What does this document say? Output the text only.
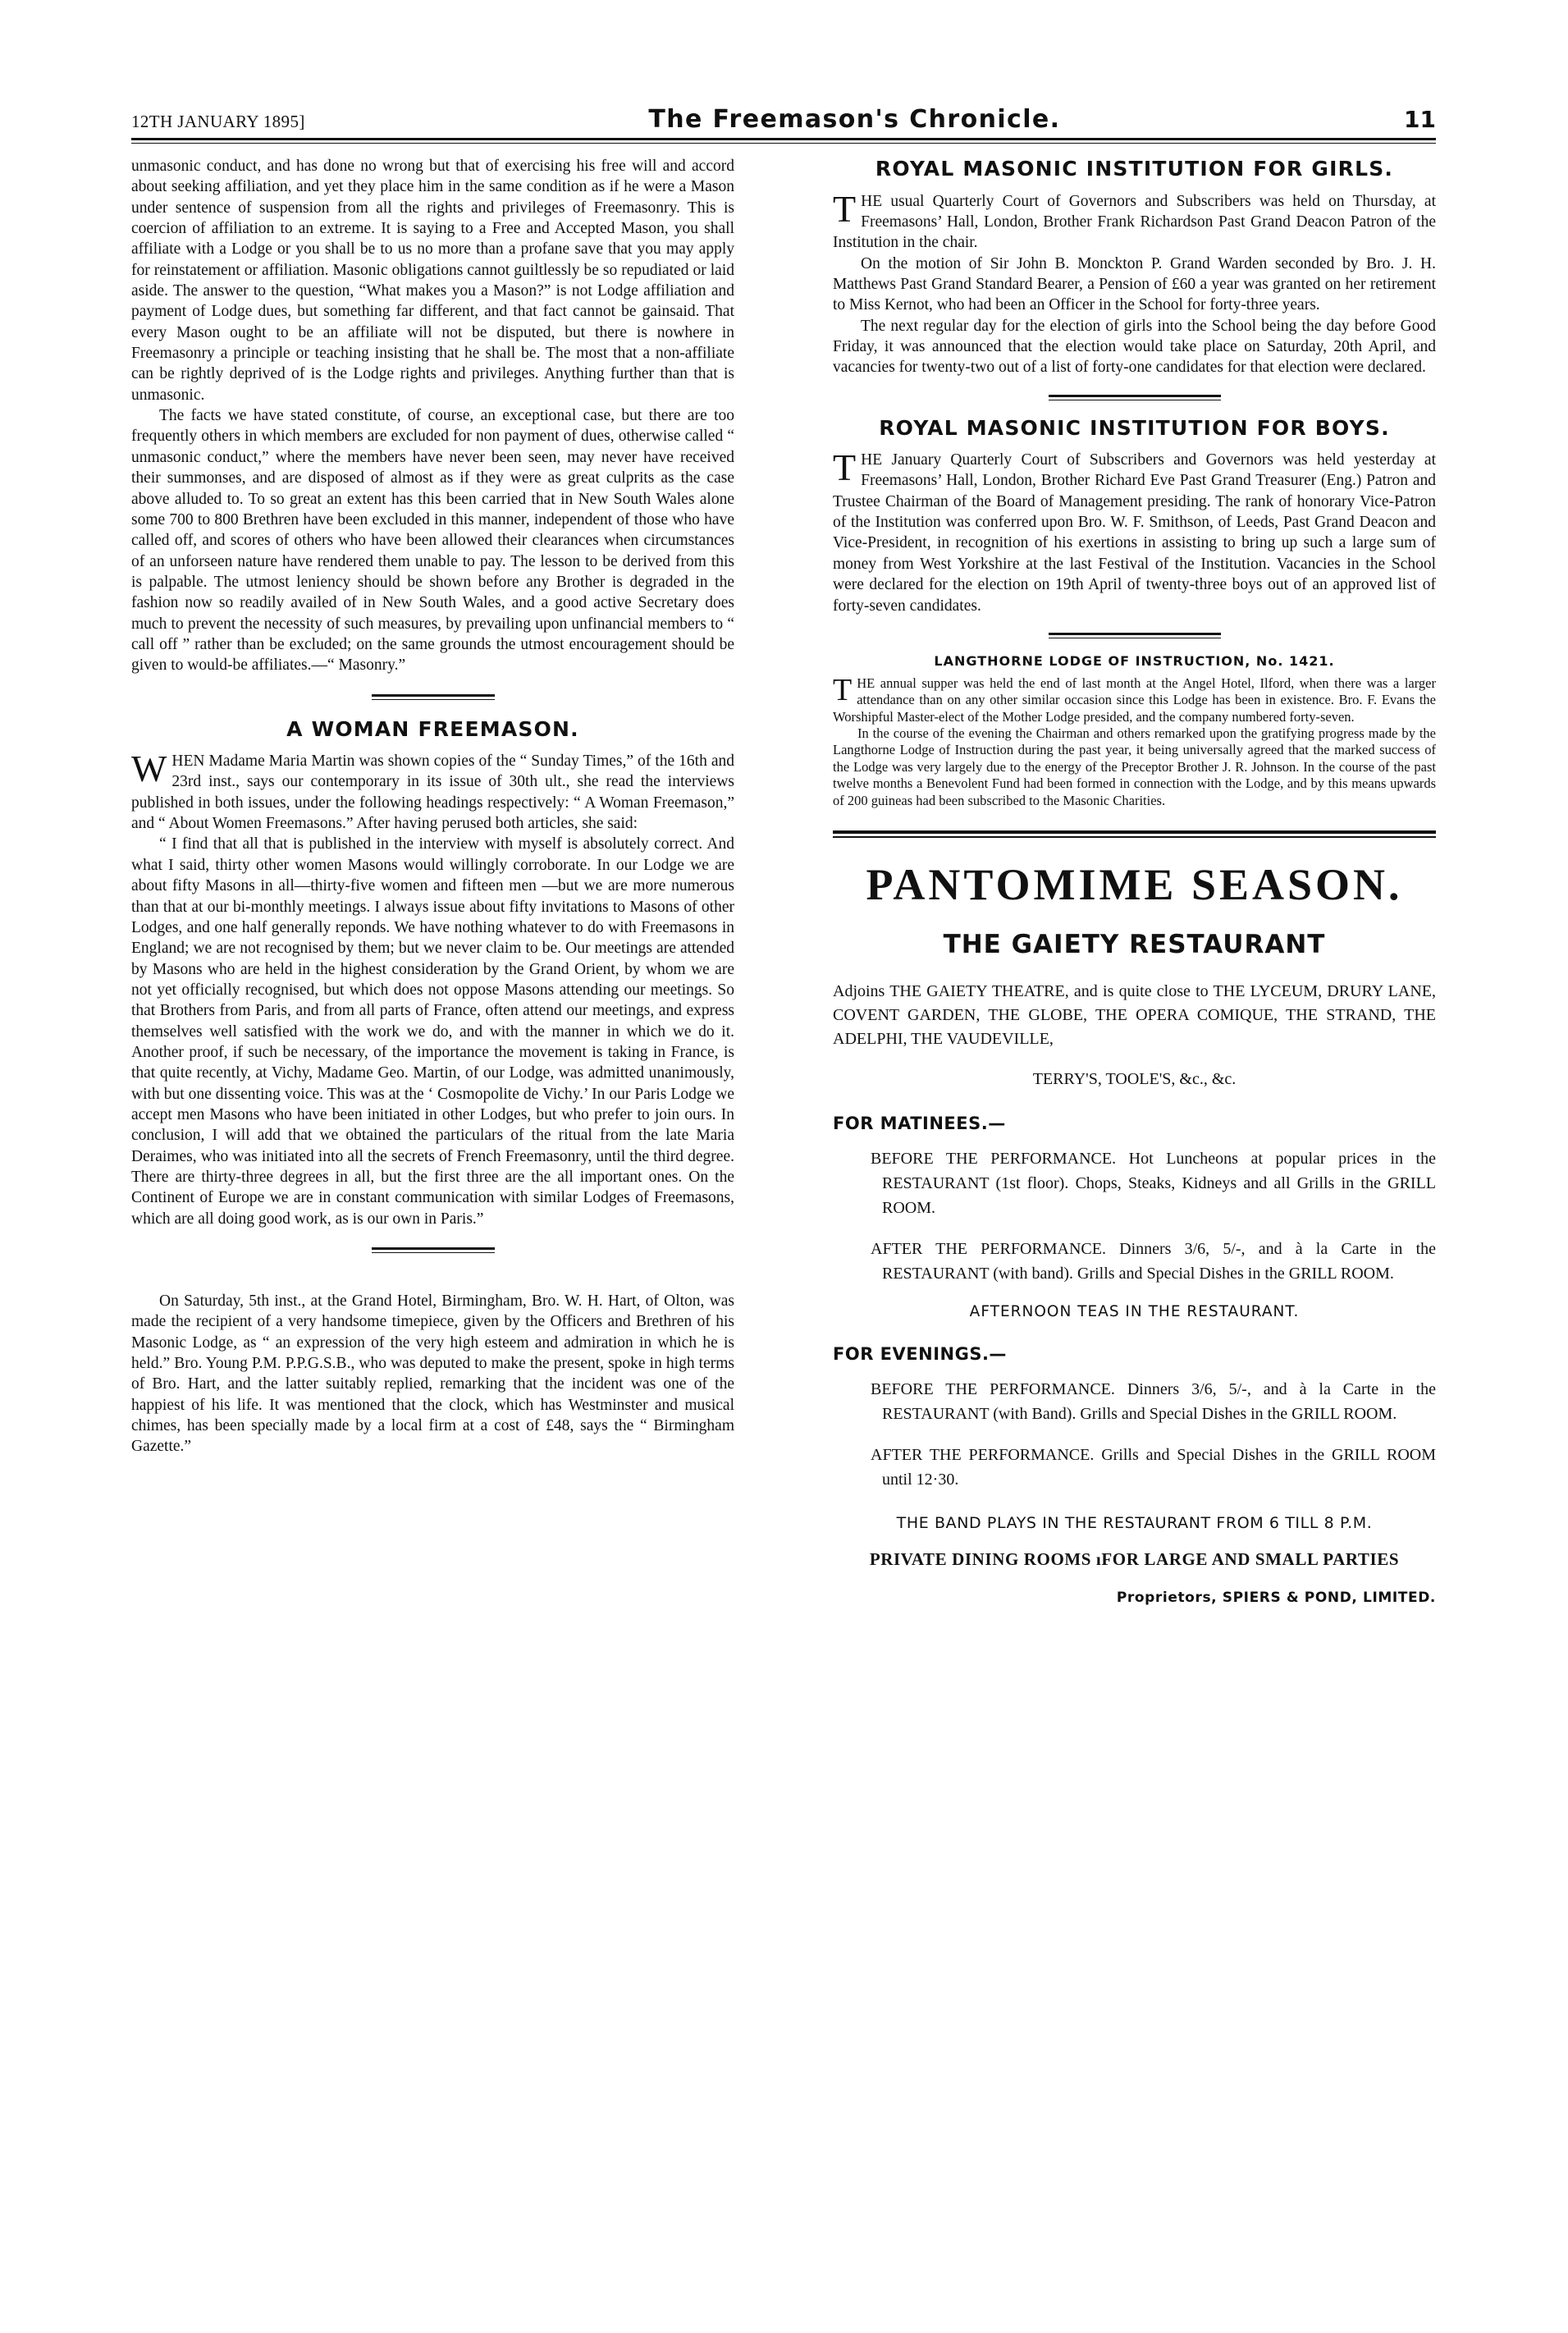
12TH JANUARY 1895]	The Freemason's Chronicle.	11

unmasonic conduct, and has done no wrong but that of exercising his free will and accord about seeking affiliation, and yet they place him in the same condition as if he were a Mason under sentence of suspension from all the rights and privileges of Freemasonry. This is coercion of affiliation to an extreme. It is saying to a Free and Accepted Mason, you shall affiliate with a Lodge or you shall be to us no more than a profane save that you may apply for reinstatement or affiliation. Masonic obligations cannot guiltlessly be so repudiated or laid aside. The answer to the question, “What makes you a Mason?” is not Lodge affiliation and payment of Lodge dues, but something far different, and that fact cannot be gainsaid. That every Mason ought to be an affiliate will not be disputed, but there is nowhere in Freemasonry a principle or teaching insisting that he shall be. The most that a non-affiliate can be rightly deprived of is the Lodge rights and privileges. Anything further than that is unmasonic.

The facts we have stated constitute, of course, an exceptional case, but there are too frequently others in which members are excluded for non payment of dues, otherwise called “ unmasonic conduct,” where the members have never been seen, may never have received their summonses, and are disposed of almost as if they were as great culprits as the case above alluded to. To so great an extent has this been carried that in New South Wales alone some 700 to 800 Brethren have been excluded in this manner, independent of those who have called off, and scores of others who have been allowed their clearances when circumstances of an unforseen nature have rendered them unable to pay. The lesson to be derived from this is palpable. The utmost leniency should be shown before any Brother is degraded in the fashion now so readily availed of in New South Wales, and a good active Secretary does much to prevent the necessity of such measures, by prevailing upon unfinancial members to “ call off ” rather than be excluded; on the same grounds the utmost encouragement should be given to would-be affiliates.—“ Masonry.”

A WOMAN FREEMASON.

WHEN Madame Maria Martin was shown copies of the “ Sunday Times,” of the 16th and 23rd inst., says our contemporary in its issue of 30th ult., she read the interviews published in both issues, under the following headings respectively: “ A Woman Freemason,” and “ About Women Freemasons.” After having perused both articles, she said:

“ I find that all that is published in the interview with myself is absolutely correct. And what I said, thirty other women Masons would willingly corroborate. In our Lodge we are about fifty Masons in all—thirty-five women and fifteen men —but we are more numerous than that at our bi-monthly meetings. I always issue about fifty invitations to Masons of other Lodges, and one half generally reponds. We have nothing whatever to do with Freemasons in England; we are not recognised by them; but we never claim to be. Our meetings are attended by Masons who are held in the highest consideration by the Grand Orient, by whom we are not yet officially recognised, but which does not oppose Masons attending our meetings. So that Brothers from Paris, and from all parts of France, often attend our meetings, and express themselves well satisfied with the work we do, and with the manner in which we do it. Another proof, if such be necessary, of the importance the movement is taking in France, is that quite recently, at Vichy, Madame Geo. Martin, of our Lodge, was admitted unanimously, with but one dissenting voice. This was at the ‘ Cosmopolite de Vichy.’ In our Paris Lodge we accept men Masons who have been initiated in other Lodges, but who prefer to join ours. In conclusion, I will add that we obtained the particulars of the ritual from the late Maria Deraimes, who was initiated into all the secrets of French Freemasonry, until the third degree. There are thirty-three degrees in all, but the first three are the all important ones. On the Continent of Europe we are in constant communication with similar Lodges of Freemasons, which are all doing good work, as is our own in Paris.”

On Saturday, 5th inst., at the Grand Hotel, Birmingham, Bro. W. H. Hart, of Olton, was made the recipient of a very handsome timepiece, given by the Officers and Brethren of his Masonic Lodge, as “ an expression of the very high esteem and admiration in which he is held.” Bro. Young P.M. P.P.G.S.B., who was deputed to make the present, spoke in high terms of Bro. Hart, and the latter suitably replied, remarking that the incident was one of the happiest of his life. It was mentioned that the clock, which has Westminster and musical chimes, has been specially made by a local firm at a cost of £48, says the “ Birmingham Gazette.”

ROYAL MASONIC INSTITUTION FOR GIRLS.

THE usual Quarterly Court of Governors and Subscribers was held on Thursday, at Freemasons’ Hall, London, Brother Frank Richardson Past Grand Deacon Patron of the Institution in the chair.

On the motion of Sir John B. Monckton P. Grand Warden seconded by Bro. J. H. Matthews Past Grand Standard Bearer, a Pension of £60 a year was granted on her retirement to Miss Kernot, who had been an Officer in the School for forty-three years.

The next regular day for the election of girls into the School being the day before Good Friday, it was announced that the election would take place on Saturday, 20th April, and vacancies for twenty-two out of a list of forty-one candidates for that election were declared.

ROYAL MASONIC INSTITUTION FOR BOYS.

THE January Quarterly Court of Subscribers and Governors was held yesterday at Freemasons’ Hall, London, Brother Richard Eve Past Grand Treasurer (Eng.) Patron and Trustee Chairman of the Board of Management presiding. The rank of honorary Vice-Patron of the Institution was conferred upon Bro. W. F. Smithson, of Leeds, Past Grand Deacon and Vice-President, in recognition of his exertions in assisting to bring up such a large sum of money from West Yorkshire at the last Festival of the Institution. Vacancies in the School were declared for the election on 19th April of twenty-three boys out of an approved list of forty-seven candidates.

LANGTHORNE LODGE OF INSTRUCTION, No. 1421.

THE annual supper was held the end of last month at the Angel Hotel, Ilford, when there was a larger attendance than on any other similar occasion since this Lodge has been in existence. Bro. F. Evans the Worshipful Master-elect of the Mother Lodge presided, and the company numbered forty-seven.

In the course of the evening the Chairman and others remarked upon the gratifying progress made by the Langthorne Lodge of Instruction during the past year, it being universally agreed that the marked success of the Lodge was very largely due to the energy of the Preceptor Brother J. R. Johnson. In the course of the past twelve months a Benevolent Fund had been formed in connection with the Lodge, and by this means upwards of 200 guineas had been subscribed to the Masonic Charities.

PANTOMIME SEASON.
THE GAIETY RESTAURANT

Adjoins THE GAIETY THEATRE, and is quite close to THE LYCEUM, DRURY LANE, COVENT GARDEN, THE GLOBE, THE OPERA COMIQUE, THE STRAND, THE ADELPHI, THE VAUDEVILLE,

TERRY'S, TOOLE'S, &c., &c.

FOR MATINEES.—

BEFORE THE PERFORMANCE. Hot Luncheons at popular prices in the RESTAURANT (1st floor). Chops, Steaks, Kidneys and all Grills in the GRILL ROOM.

AFTER THE PERFORMANCE. Dinners 3/6, 5/-, and à la Carte in the RESTAURANT (with band). Grills and Special Dishes in the GRILL ROOM.

AFTERNOON TEAS IN THE RESTAURANT.
FOR EVENINGS.—

BEFORE THE PERFORMANCE. Dinners 3/6, 5/-, and à la Carte in the RESTAURANT (with Band). Grills and Special Dishes in the GRILL ROOM.

AFTER THE PERFORMANCE. Grills and Special Dishes in the GRILL ROOM until 12·30.

THE BAND PLAYS IN THE RESTAURANT FROM 6 TILL 8 P.M.
PRIVATE DINING ROOMS ıFOR LARGE AND SMALL PARTIES
Proprietors, SPIERS & POND, LIMITED.
